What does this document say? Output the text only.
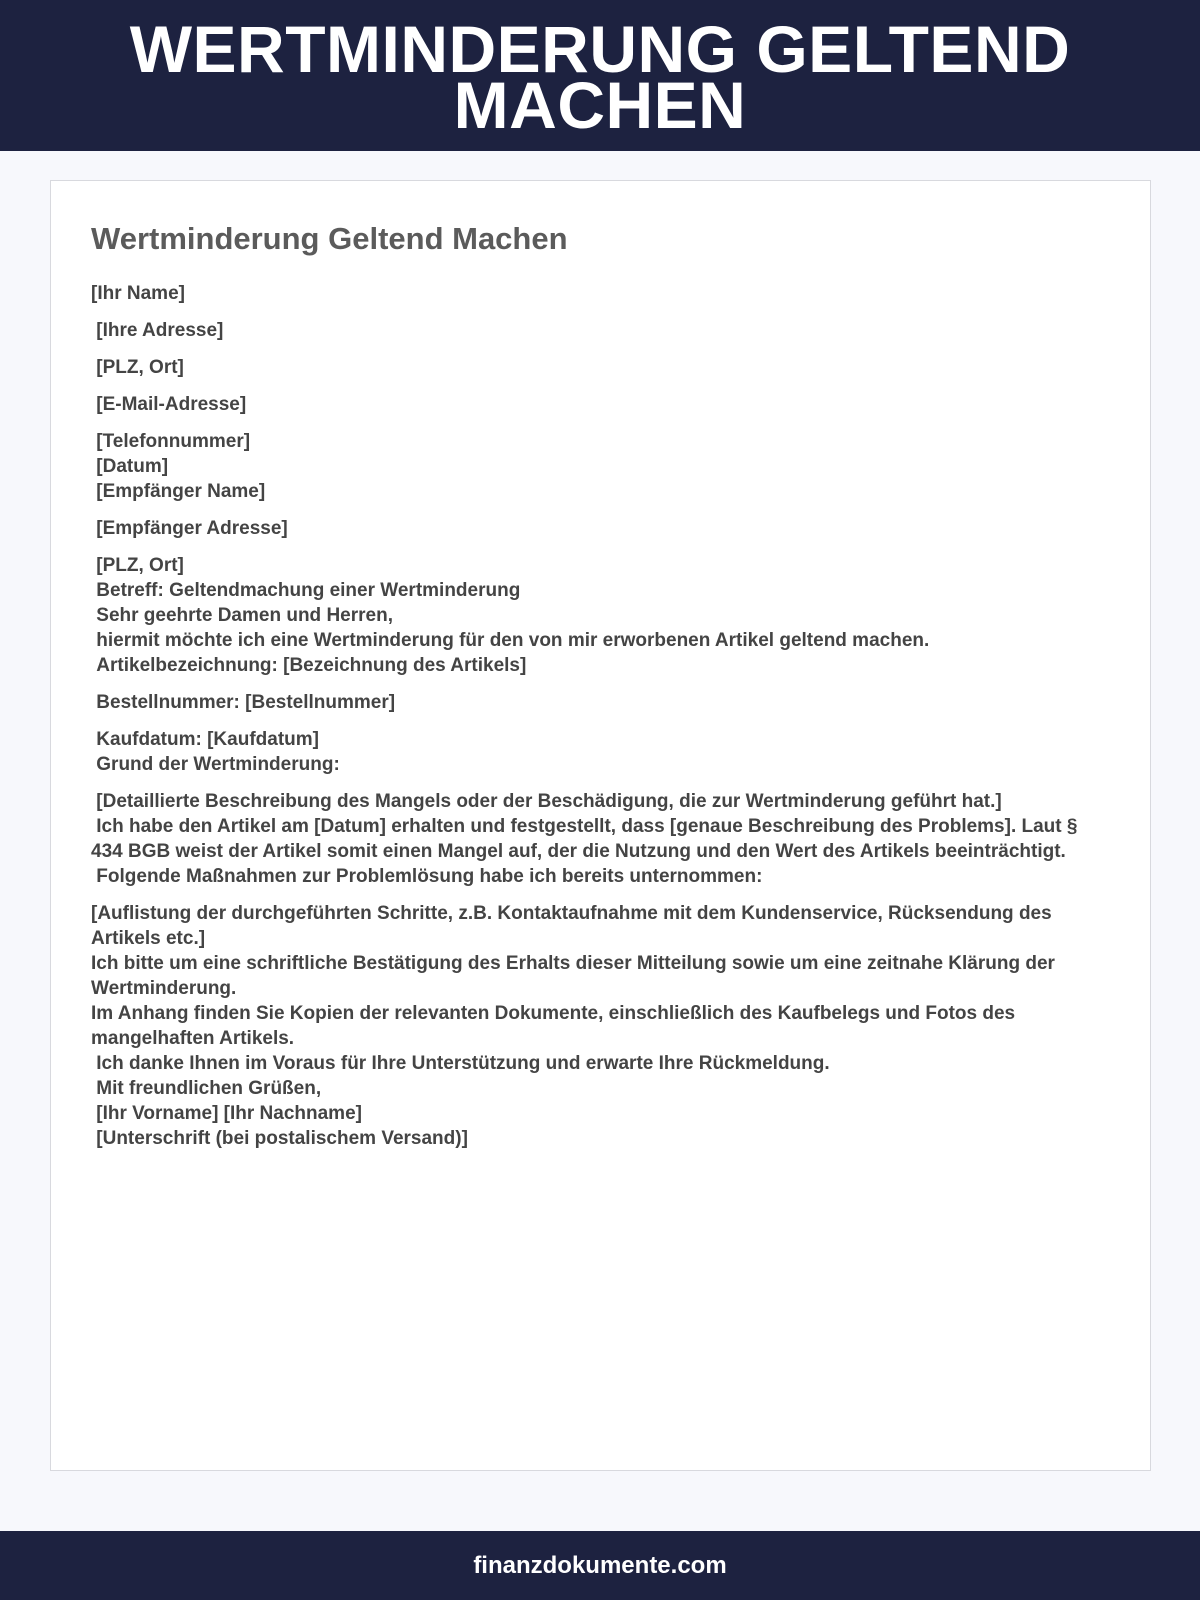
WERTMINDERUNG GELTEND
MACHEN
Wertminderung Geltend Machen

[Ihr Name]

[Ihre Adresse]

[PLZ, Ort]

[E-Mail-Adresse]

[Telefonnummer]
[Datum]
[Empfänger Name]

[Empfänger Adresse]

[PLZ, Ort]
Betreff: Geltendmachung einer Wertminderung
Sehr geehrte Damen und Herren,
hiermit möchte ich eine Wertminderung für den von mir erworbenen Artikel geltend machen.
Artikelbezeichnung: [Bezeichnung des Artikels]

Bestellnummer: [Bestellnummer]

Kaufdatum: [Kaufdatum]
Grund der Wertminderung:

[Detaillierte Beschreibung des Mangels oder der Beschädigung, die zur Wertminderung geführt hat.]
Ich habe den Artikel am [Datum] erhalten und festgestellt, dass [genaue Beschreibung des Problems]. Laut § 434 BGB weist der Artikel somit einen Mangel auf, der die Nutzung und den Wert des Artikels beeinträchtigt.
Folgende Maßnahmen zur Problemlösung habe ich bereits unternommen:

[Auflistung der durchgeführten Schritte, z.B. Kontaktaufnahme mit dem Kundenservice, Rücksendung des Artikels etc.]
Ich bitte um eine schriftliche Bestätigung des Erhalts dieser Mitteilung sowie um eine zeitnahe Klärung der Wertminderung.
Im Anhang finden Sie Kopien der relevanten Dokumente, einschließlich des Kaufbelegs und Fotos des mangelhaften Artikels.
Ich danke Ihnen im Voraus für Ihre Unterstützung und erwarte Ihre Rückmeldung.
Mit freundlichen Grüßen,
[Ihr Vorname] [Ihr Nachname]
[Unterschrift (bei postalischem Versand)]

finanzdokumente.com
